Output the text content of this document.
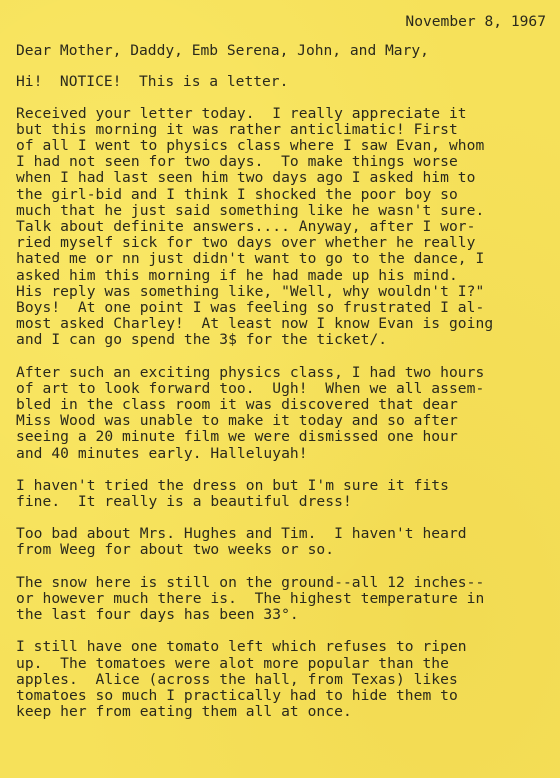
November 8, 1967
Dear Mother, Daddy, Emb Serena, John, and Mary,
Hi!  NOTICE!  This is a letter.
Received your letter today.  I really appreciate it
but this morning it was rather anticlimatic! First
of all I went to physics class where I saw Evan, whom
I had not seen for two days.  To make things worse
when I had last seen him two days ago I asked him to
the girl-bid and I think I shocked the poor boy so
much that he just said something like he wasn't sure.
Talk about definite answers.... Anyway, after I wor-
ried myself sick for two days over whether he really
hated me or nn just didn't want to go to the dance, I
asked him this morning if he had made up his mind.
His reply was something like, "Well, why wouldn't I?"
Boys!  At one point I was feeling so frustrated I al-
most asked Charley!  At least now I know Evan is going
and I can go spend the 3$ for the ticket/.
After such an exciting physics class, I had two hours
of art to look forward too.  Ugh!  When we all assem-
bled in the class room it was discovered that dear
Miss Wood was unable to make it today and so after
seeing a 20 minute film we were dismissed one hour
and 40 minutes early. Halleluyah!
I haven't tried the dress on but I'm sure it fits
fine.  It really is a beautiful dress!
Too bad about Mrs. Hughes and Tim.  I haven't heard
from Weeg for about two weeks or so.
The snow here is still on the ground--all 12 inches--
or however much there is.  The highest temperature in
the last four days has been 33°.
I still have one tomato left which refuses to ripen
up.  The tomatoes were alot more popular than the
apples.  Alice (across the hall, from Texas) likes
tomatoes so much I practically had to hide them to
keep her from eating them all at once.
